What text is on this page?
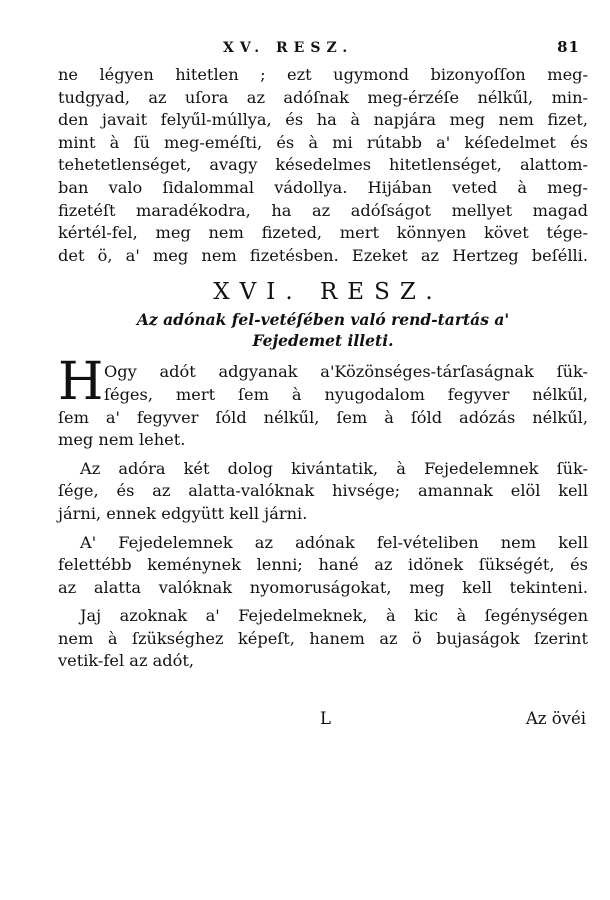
XV. RESZ.	81
ne légyen hitetlen ; ezt ugymond bizonyoſſon meg-
tudgyad, az uſora az adóſnak meg-érzéſe nélkűl, min-
den javait felyűl-múllya, és ha à napjára meg nem fizet,
mint à ſü meg-eméſti, és à mi rútabb a' kéſedelmet és
tehetetlenséget, avagy késedelmes hitetlenséget, alattom-
ban valo ſidalommal vádollya. Hijában veted à meg-
fizetéſt maradékodra, ha az adóſságot mellyet magad
kértél-fel, meg nem fizeted, mert könnyen követ tége-
det ö, a' meg nem fizetésben. Ezeket az Hertzeg beſélli.
XVI. RESZ.
Az adónak fel-vetéſében való rend-tartás a'
Fejedemet illeti.
H Ogy adót adgyanak a'Közönséges-tárſaságnak ſük-
ſéges, mert ſem à nyugodalom fegyver nélkűl,
ſem a' fegyver ſóld nélkűl, ſem à ſóld adózás nélkűl,
meg nem lehet.
Az adóra két dolog kivántatik, à Fejedelemnek ſük-
ſége, és az alatta-valóknak hivsége; amannak elöl kell
járni, ennek edgyütt kell járni.
A' Fejedelemnek az adónak fel-vételiben nem kell
felettébb keménynek lenni; hané az idönek ſükségét, és
az alatta valóknak nyomoruságokat, meg kell tekinteni.
Jaj azoknak a' Fejedelmeknek, à kic à ſegénységen
nem à ſzükséghez képeſt, hanem az ö bujaságok ſzerint
vetik-fel az adót,
L	Az övéi
